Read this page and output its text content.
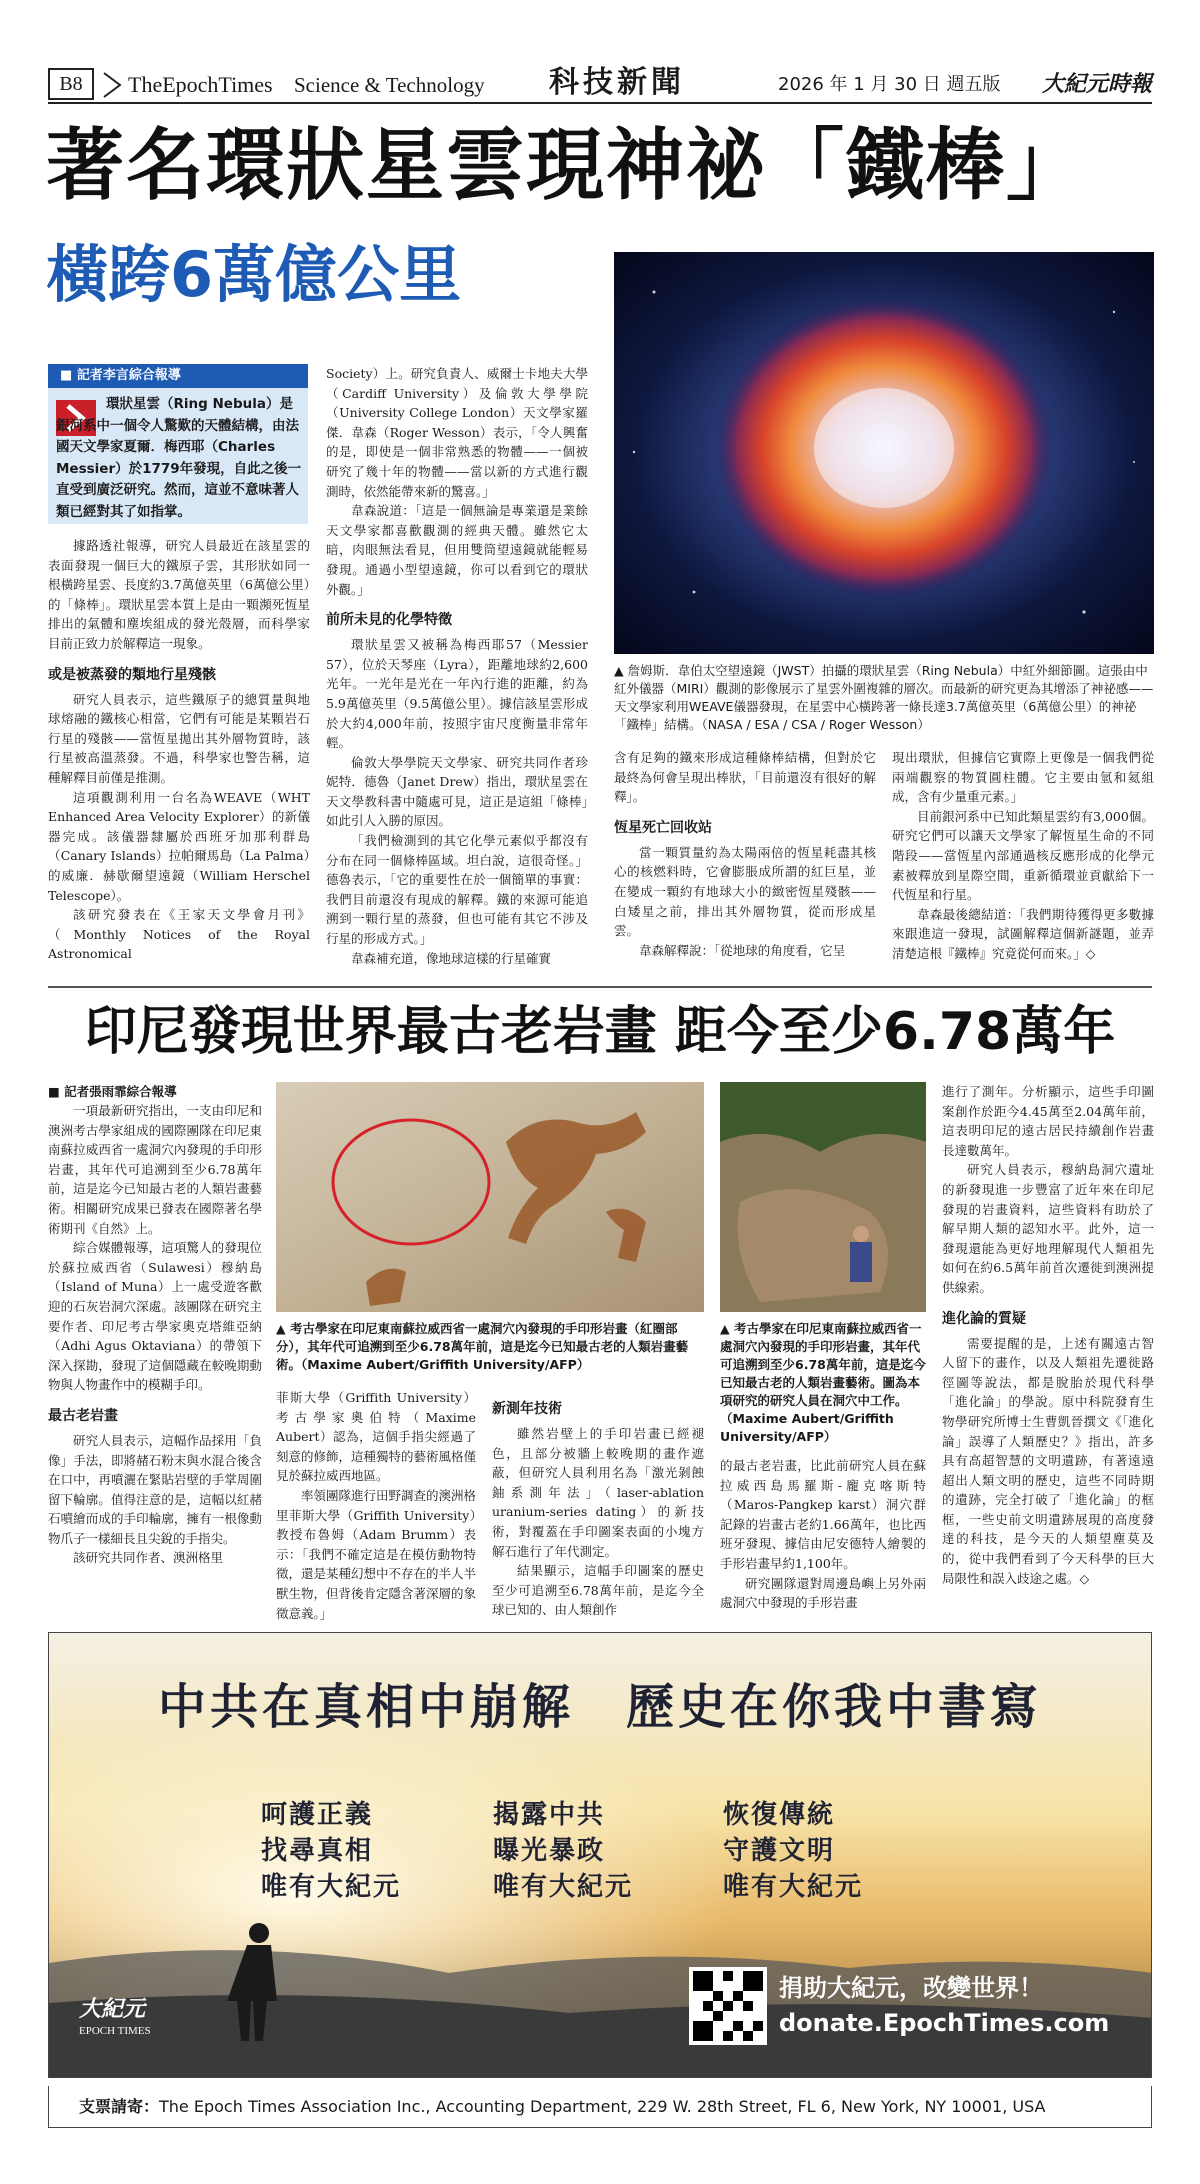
B8	TheEpochTimes Science & Technology	科技新聞	2026 年 1 月 30 日 週五版 大紀元時報
著名環狀星雲現神祕「鐵棒」
橫跨6萬億公里
■ 記者李言綜合報導
環狀星雲（Ring Nebula）是銀河系中一個令人驚歎的天體結構，由法國天文學家夏爾．梅西耶（Charles Messier）於1779年發現，自此之後一直受到廣泛研究。然而，這並不意味著人類已經對其了如指掌。
▲ 詹姆斯．韋伯太空望遠鏡（JWST）拍攝的環狀星雲（Ring Nebula）中紅外細節圖。這張由中紅外儀器（MIRI）觀測的影像展示了星雲外圍複雜的層次。而最新的研究更為其增添了神祕感——天文學家利用WEAVE儀器發現，在星雲中心橫跨著一條長達3.7萬億英里（6萬億公里）的神祕「鐵棒」結構。（NASA / ESA / CSA / Roger Wesson）

據路透社報導，研究人員最近在該星雲的表面發現一個巨大的鐵原子雲，其形狀如同一根橫跨星雲、長度約3.7萬億英里（6萬億公里）的「條棒」。環狀星雲本質上是由一顆瀕死恆星排出的氣體和塵埃組成的發光殼層，而科學家目前正致力於解釋這一現象。

或是被蒸發的類地行星殘骸

研究人員表示，這些鐵原子的總質量與地球熔融的鐵核心相當，它們有可能是某顆岩石行星的殘骸——當恆星拋出其外層物質時，該行星被高溫蒸發。不過，科學家也警告稱，這種解釋目前僅是推測。

這項觀測利用一台名為WEAVE（WHT Enhanced Area Velocity Explorer）的新儀器完成。該儀器隸屬於西班牙加那利群島（Canary Islands）拉帕爾馬島（La Palma）的威廉．赫歇爾望遠鏡（William Herschel Telescope）。

該研究發表在《王家天文學會月刊》（Monthly Notices of the Royal Astronomical

Society）上。研究負責人、威爾士卡地夫大學（Cardiff University）及倫敦大學學院（University College London）天文學家羅傑．韋森（Roger Wesson）表示，「令人興奮的是，即使是一個非常熟悉的物體——一個被研究了幾十年的物體——當以新的方式進行觀測時，依然能帶來新的驚喜。」

韋森說道：「這是一個無論是專業還是業餘天文學家都喜歡觀測的經典天體。雖然它太暗，肉眼無法看見，但用雙筒望遠鏡就能輕易發現。通過小型望遠鏡，你可以看到它的環狀外觀。」

前所未見的化學特徵

環狀星雲又被稱為梅西耶57（Messier 57），位於天琴座（Lyra），距離地球約2,600光年。一光年是光在一年內行進的距離，約為5.9萬億英里（9.5萬億公里）。據信該星雲形成於大約4,000年前，按照宇宙尺度衡量非常年輕。

倫敦大學學院天文學家、研究共同作者珍妮特．德魯（Janet Drew）指出，環狀星雲在天文學教科書中隨處可見，這正是這組「條棒」如此引人入勝的原因。

「我們檢測到的其它化學元素似乎都沒有分布在同一個條棒區域。坦白說，這很奇怪。」德魯表示，「它的重要性在於一個簡單的事實：我們目前還沒有現成的解釋。鐵的來源可能追溯到一顆行星的蒸發，但也可能有其它不涉及行星的形成方式。」

韋森補充道，像地球這樣的行星確實

含有足夠的鐵來形成這種條棒結構，但對於它最終為何會呈現出棒狀，「目前還沒有很好的解釋」。

恆星死亡回收站

當一顆質量約為太陽兩倍的恆星耗盡其核心的核燃料時，它會膨脹成所謂的紅巨星，並在變成一顆約有地球大小的緻密恆星殘骸——白矮星之前，排出其外層物質，從而形成星雲。

韋森解釋說：「從地球的角度看，它呈

現出環狀，但據信它實際上更像是一個我們從兩端觀察的物質圓柱體。它主要由氫和氦組成，含有少量重元素。」

目前銀河系中已知此類星雲約有3,000個。研究它們可以讓天文學家了解恆星生命的不同階段——當恆星內部通過核反應形成的化學元素被釋放到星際空間，重新循環並貢獻給下一代恆星和行星。

韋森最後總結道：「我們期待獲得更多數據來跟進這一發現，試圖解釋這個新謎題，並弄清楚這根『鐵棒』究竟從何而來。」◇

印尼發現世界最古老岩畫 距今至少6.78萬年
■ 記者張雨霏綜合報導

一項最新研究指出，一支由印尼和澳洲考古學家組成的國際團隊在印尼東南蘇拉威西省一處洞穴內發現的手印形岩畫，其年代可追溯到至少6.78萬年前，這是迄今已知最古老的人類岩畫藝術。相關研究成果已發表在國際著名學術期刊《自然》上。

綜合媒體報導，這項驚人的發現位於蘇拉威西省（Sulawesi）穆納島（Island of Muna）上一處受遊客歡迎的石灰岩洞穴深處。該團隊在研究主要作者、印尼考古學家奧克塔維亞納（Adhi Agus Oktaviana）的帶領下深入探勘，發現了這個隱藏在較晚期動物與人物畫作中的模糊手印。

最古老岩畫

研究人員表示，這幅作品採用「負像」手法，即將赭石粉末與水混合後含在口中，再噴灑在緊貼岩壁的手掌周圍留下輪廓。值得注意的是，這幅以紅赭石噴繪而成的手印輪廓，擁有一根像動物爪子一樣細長且尖銳的手指尖。

該研究共同作者、澳洲格里

▲ 考古學家在印尼東南蘇拉威西省一處洞穴內發現的手印形岩畫（紅圈部分），其年代可追溯到至少6.78萬年前，這是迄今已知最古老的人類岩畫藝術。（Maxime Aubert/Griffith University/AFP）

菲斯大學（Griffith University）考古學家奧伯特（Maxime Aubert）認為，這個手指尖經過了刻意的修飾，這種獨特的藝術風格僅見於蘇拉威西地區。

率領團隊進行田野調查的澳洲格里菲斯大學（Griffith University）教授布魯姆（Adam Brumm）表示：「我們不確定這是在模仿動物特徵，還是某種幻想中不存在的半人半獸生物，但背後肯定隱含著深層的象徵意義。」

新測年技術

雖然岩壁上的手印岩畫已經褪色，且部分被牆上較晚期的畫作遮蔽，但研究人員利用名為「激光剝蝕鈾系測年法」（laser-ablation uranium-series dating）的新技術，對覆蓋在手印圖案表面的小塊方解石進行了年代測定。

結果顯示，這幅手印圖案的歷史至少可追溯至6.78萬年前，是迄今全球已知的、由人類創作

▲ 考古學家在印尼東南蘇拉威西省一處洞穴內發現的手印形岩畫，其年代可追溯到至少6.78萬年前，這是迄今已知最古老的人類岩畫藝術。圖為本項研究的研究人員在洞穴中工作。（Maxime Aubert/Griffith University/AFP）

的最古老岩畫，比此前研究人員在蘇拉威西島馬羅斯-龐克喀斯特（Maros-Pangkep karst）洞穴群記錄的岩畫古老約1.66萬年，也比西班牙發現、據信由尼安德特人繪製的手形岩畫早約1,100年。

研究團隊還對周邊島嶼上另外兩處洞穴中發現的手形岩畫

進行了測年。分析顯示，這些手印圖案創作於距今4.45萬至2.04萬年前，這表明印尼的遠古居民持續創作岩畫長達數萬年。

研究人員表示，穆納島洞穴遺址的新發現進一步豐富了近年來在印尼發現的岩畫資料，這些資料有助於了解早期人類的認知水平。此外，這一發現還能為更好地理解現代人類祖先如何在約6.5萬年前首次遷徙到澳洲提供線索。

進化論的質疑

需要提醒的是，上述有關遠古智人留下的畫作，以及人類祖先遷徙路徑圖等說法，都是脫胎於現代科學「進化論」的學說。原中科院發育生物學研究所博士生曹凱晉撰文《「進化論」誤導了人類歷史？》指出，許多具有高超智慧的文明遺跡，有著遠遠超出人類文明的歷史，這些不同時期的遺跡，完全打破了「進化論」的框框，一些史前文明遺跡展現的高度發達的科技，是今天的人類望塵莫及的，從中我們看到了今天科學的巨大局限性和誤入歧途之處。◇

中共在真相中崩解　歷史在你我中書寫
呵護正義
找尋真相
唯有大紀元
揭露中共
曝光暴政
唯有大紀元
恢復傳統
守護文明
唯有大紀元
捐助大紀元，改變世界！
donate.EpochTimes.com
大紀元
EPOCH TIMES
支票請寄：The Epoch Times Association Inc., Accounting Department, 229 W. 28th Street, FL 6, New York, NY 10001, USA
